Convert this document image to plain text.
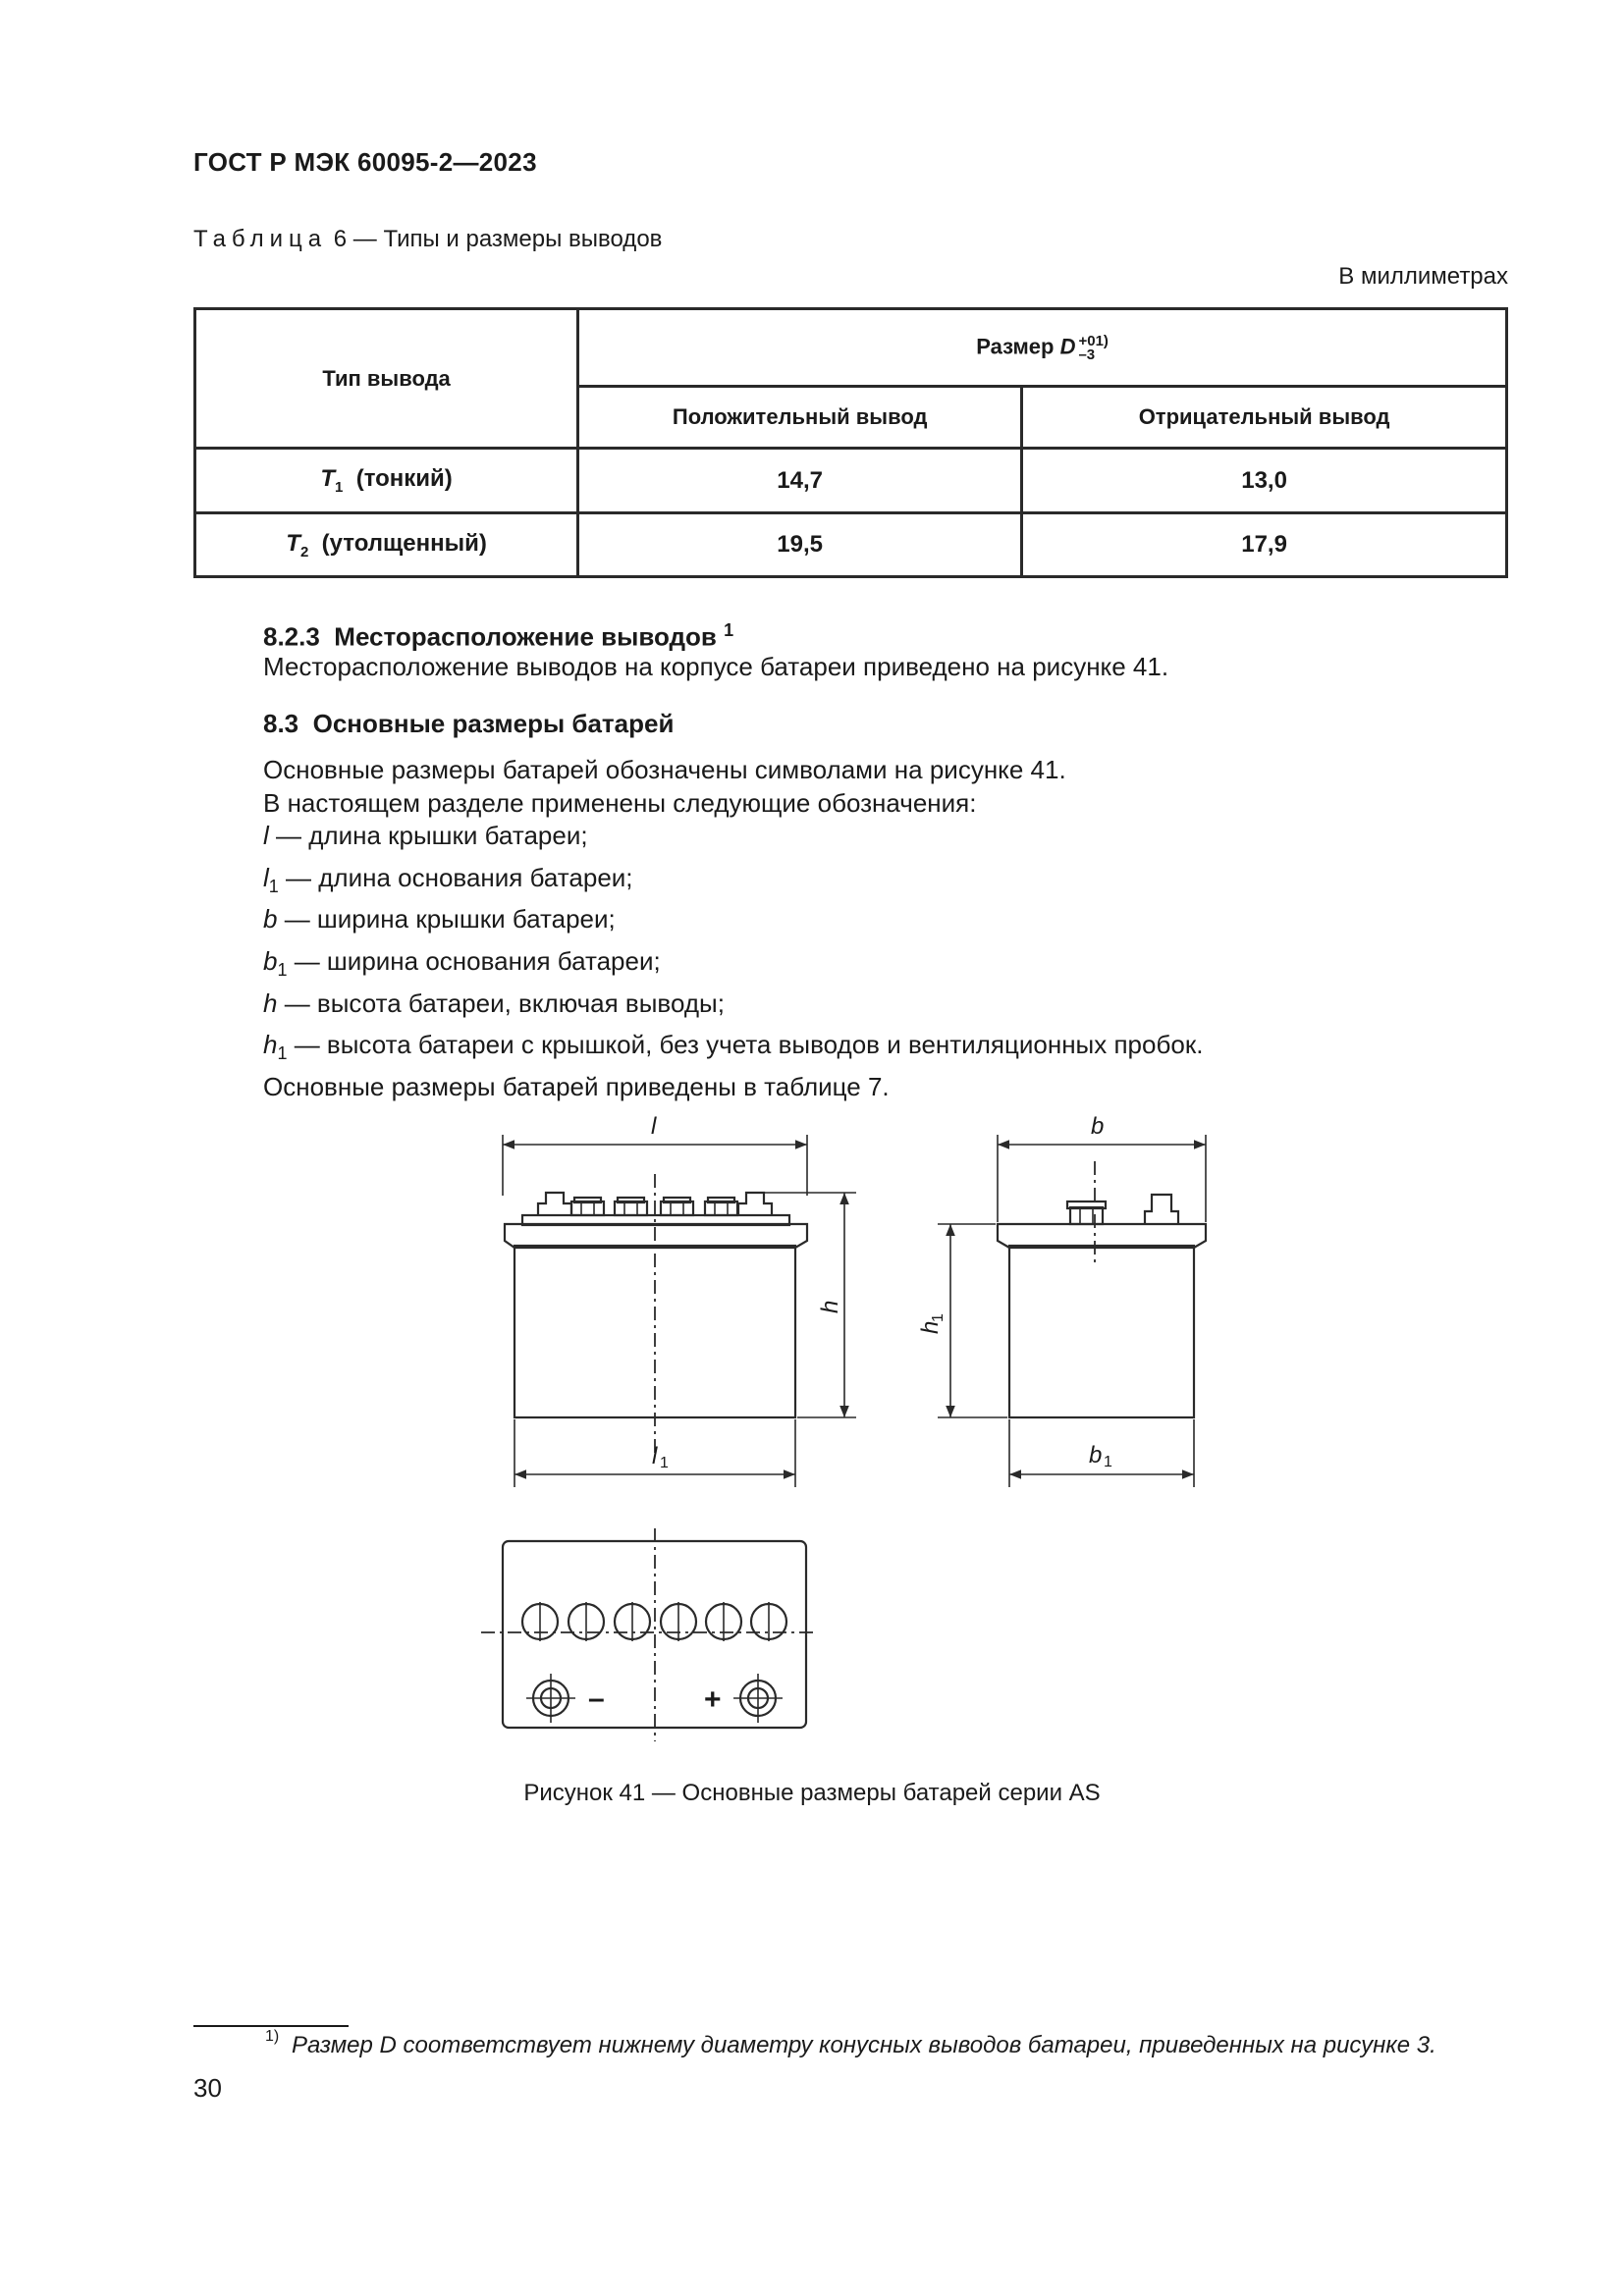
ГОСТ Р МЭК 60095-2—2023
Таблица 6 — Типы и размеры выводов
В миллиметрах
Тип вывода	Размер D +0
–3
$^{1)}$
	Положительный вывод	Отрицательный вывод
$T_1$ (тонкий)	14,7	13,0
$T_2$ (утолщенный)	19,5	17,9
8.2.3 Месторасположение выводов $^1$
Месторасположение выводов на корпусе батареи приведено на рисунке 41.
8.3 Основные размеры батарей
Основные размеры батарей обозначены символами на рисунке 41.
В настоящем разделе применены следующие обозначения:
l — длина крышки батареи;
$l_1$ — длина основания батареи;
b — ширина крышки батареи;
$b_1$ — ширина основания батареи;
h — высота батареи, включая выводы;
$h_1$ — высота батареи с крышкой, без учета выводов и вентиляционных пробок.
Основные размеры батарей приведены в таблице 7.
l
h
l 1
b
h
1
b 1
–	+
Рисунок 41 — Основные размеры батарей серии AS
1) Размер D соответствует нижнему диаметру конусных выводов батареи, приведенных на рисунке 3.
30
